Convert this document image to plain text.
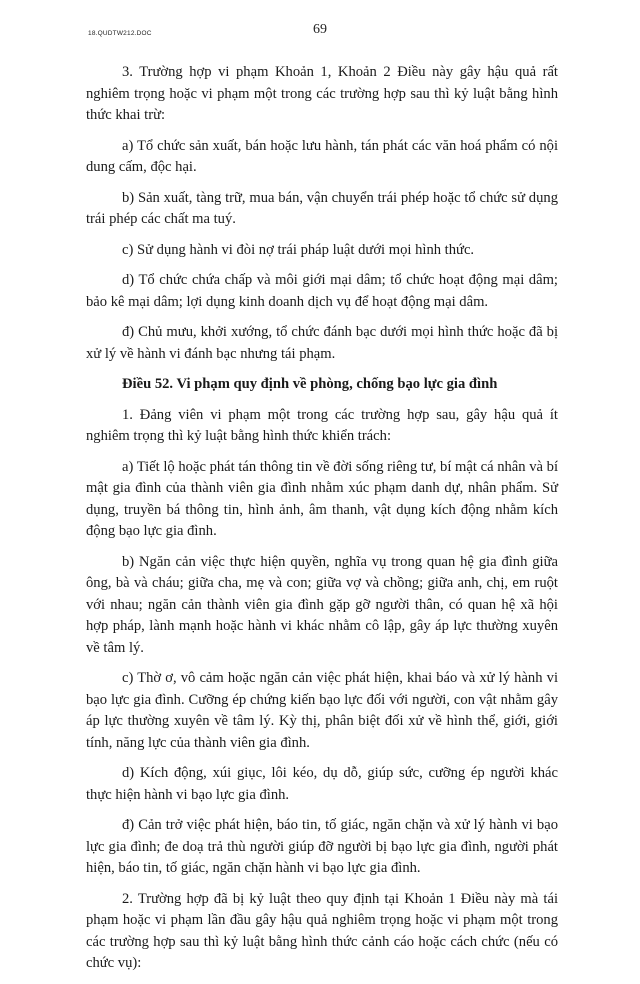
18.QUDTW212.DOC	69

3. Trường hợp vi phạm Khoản 1, Khoản 2 Điều này gây hậu quả rất nghiêm trọng hoặc vi phạm một trong các trường hợp sau thì kỷ luật bằng hình thức khai trừ:

a) Tổ chức sản xuất, bán hoặc lưu hành, tán phát các văn hoá phẩm có nội dung cấm, độc hại.

b) Sản xuất, tàng trữ, mua bán, vận chuyển trái phép hoặc tổ chức sử dụng trái phép các chất ma tuý.

c) Sử dụng hành vi đòi nợ trái pháp luật dưới mọi hình thức.

d) Tổ chức chứa chấp và môi giới mại dâm; tổ chức hoạt động mại dâm; bảo kê mại dâm; lợi dụng kinh doanh dịch vụ để hoạt động mại dâm.

đ) Chủ mưu, khởi xướng, tổ chức đánh bạc dưới mọi hình thức hoặc đã bị xử lý về hành vi đánh bạc nhưng tái phạm.

Điều 52. Vi phạm quy định về phòng, chống bạo lực gia đình

1. Đảng viên vi phạm một trong các trường hợp sau, gây hậu quả ít nghiêm trọng thì kỷ luật bằng hình thức khiển trách:

a) Tiết lộ hoặc phát tán thông tin về đời sống riêng tư, bí mật cá nhân và bí mật gia đình của thành viên gia đình nhằm xúc phạm danh dự, nhân phẩm. Sử dụng, truyền bá thông tin, hình ảnh, âm thanh, vật dụng kích động nhằm kích động bạo lực gia đình.

b) Ngăn cản việc thực hiện quyền, nghĩa vụ trong quan hệ gia đình giữa ông, bà và cháu; giữa cha, mẹ và con; giữa vợ và chồng; giữa anh, chị, em ruột với nhau; ngăn cản thành viên gia đình gặp gỡ người thân, có quan hệ xã hội hợp pháp, lành mạnh hoặc hành vi khác nhằm cô lập, gây áp lực thường xuyên về tâm lý.

c) Thờ ơ, vô cảm hoặc ngăn cản việc phát hiện, khai báo và xử lý hành vi bạo lực gia đình. Cưỡng ép chứng kiến bạo lực đối với người, con vật nhằm gây áp lực thường xuyên về tâm lý. Kỳ thị, phân biệt đối xử về hình thể, giới, giới tính, năng lực của thành viên gia đình.

d) Kích động, xúi giục, lôi kéo, dụ dỗ, giúp sức, cưỡng ép người khác thực hiện hành vi bạo lực gia đình.

đ) Cản trở việc phát hiện, báo tin, tố giác, ngăn chặn và xử lý hành vi bạo lực gia đình; đe doạ trả thù người giúp đỡ người bị bạo lực gia đình, người phát hiện, báo tin, tố giác, ngăn chặn hành vi bạo lực gia đình.

2. Trường hợp đã bị kỷ luật theo quy định tại Khoản 1 Điều này mà tái phạm hoặc vi phạm lần đầu gây hậu quả nghiêm trọng hoặc vi phạm một trong các trường hợp sau thì kỷ luật bằng hình thức cảnh cáo hoặc cách chức (nếu có chức vụ):
